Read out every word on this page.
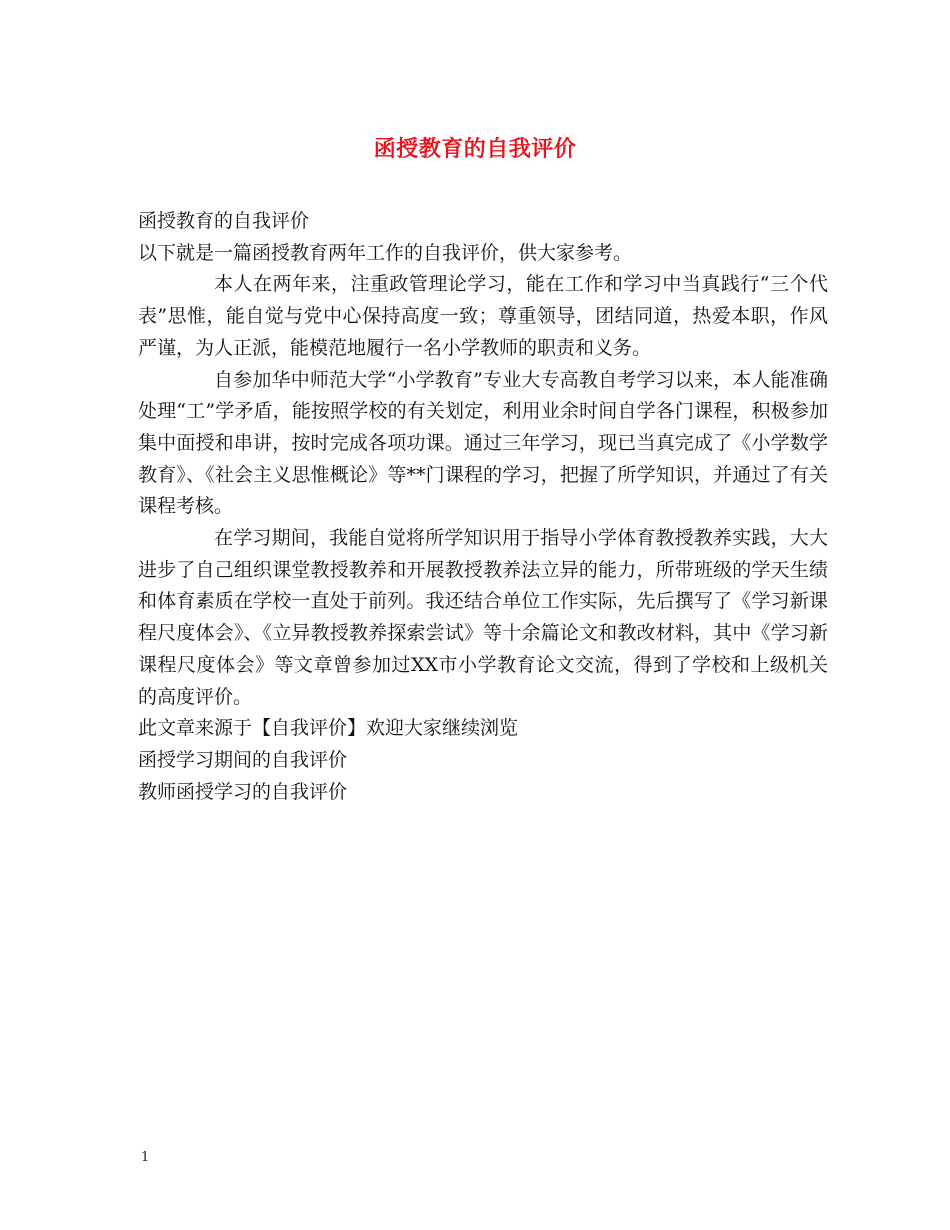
函授教育的自我评价

函授教育的自我评价

以下就是一篇函授教育两年工作的自我评价，供大家参考。

本人在两年来，注重政管理论学习，能在工作和学习中当真践行“三个代表”思惟，能自觉与党中心保持高度一致；尊重领导，团结同道，热爱本职，作风严谨，为人正派，能模范地履行一名小学教师的职责和义务。

自参加华中师范大学“小学教育”专业大专高教自考学习以来，本人能准确处理“工”学矛盾，能按照学校的有关划定，利用业余时间自学各门课程，积极参加集中面授和串讲，按时完成各项功课。通过三年学习，现已当真完成了《小学数学教育》、《社会主义思惟概论》等**门课程的学习，把握了所学知识，并通过了有关课程考核。

在学习期间，我能自觉将所学知识用于指导小学体育教授教养实践，大大进步了自己组织课堂教授教养和开展教授教养法立异的能力，所带班级的学天生绩和体育素质在学校一直处于前列。我还结合单位工作实际，先后撰写了《学习新课程尺度体会》、《立异教授教养探索尝试》等十余篇论文和教改材料，其中《学习新课程尺度体会》等文章曾参加过XX市小学教育论文交流，得到了学校和上级机关的高度评价。

此文章来源于【自我评价】欢迎大家继续浏览

函授学习期间的自我评价

教师函授学习的自我评价

1
